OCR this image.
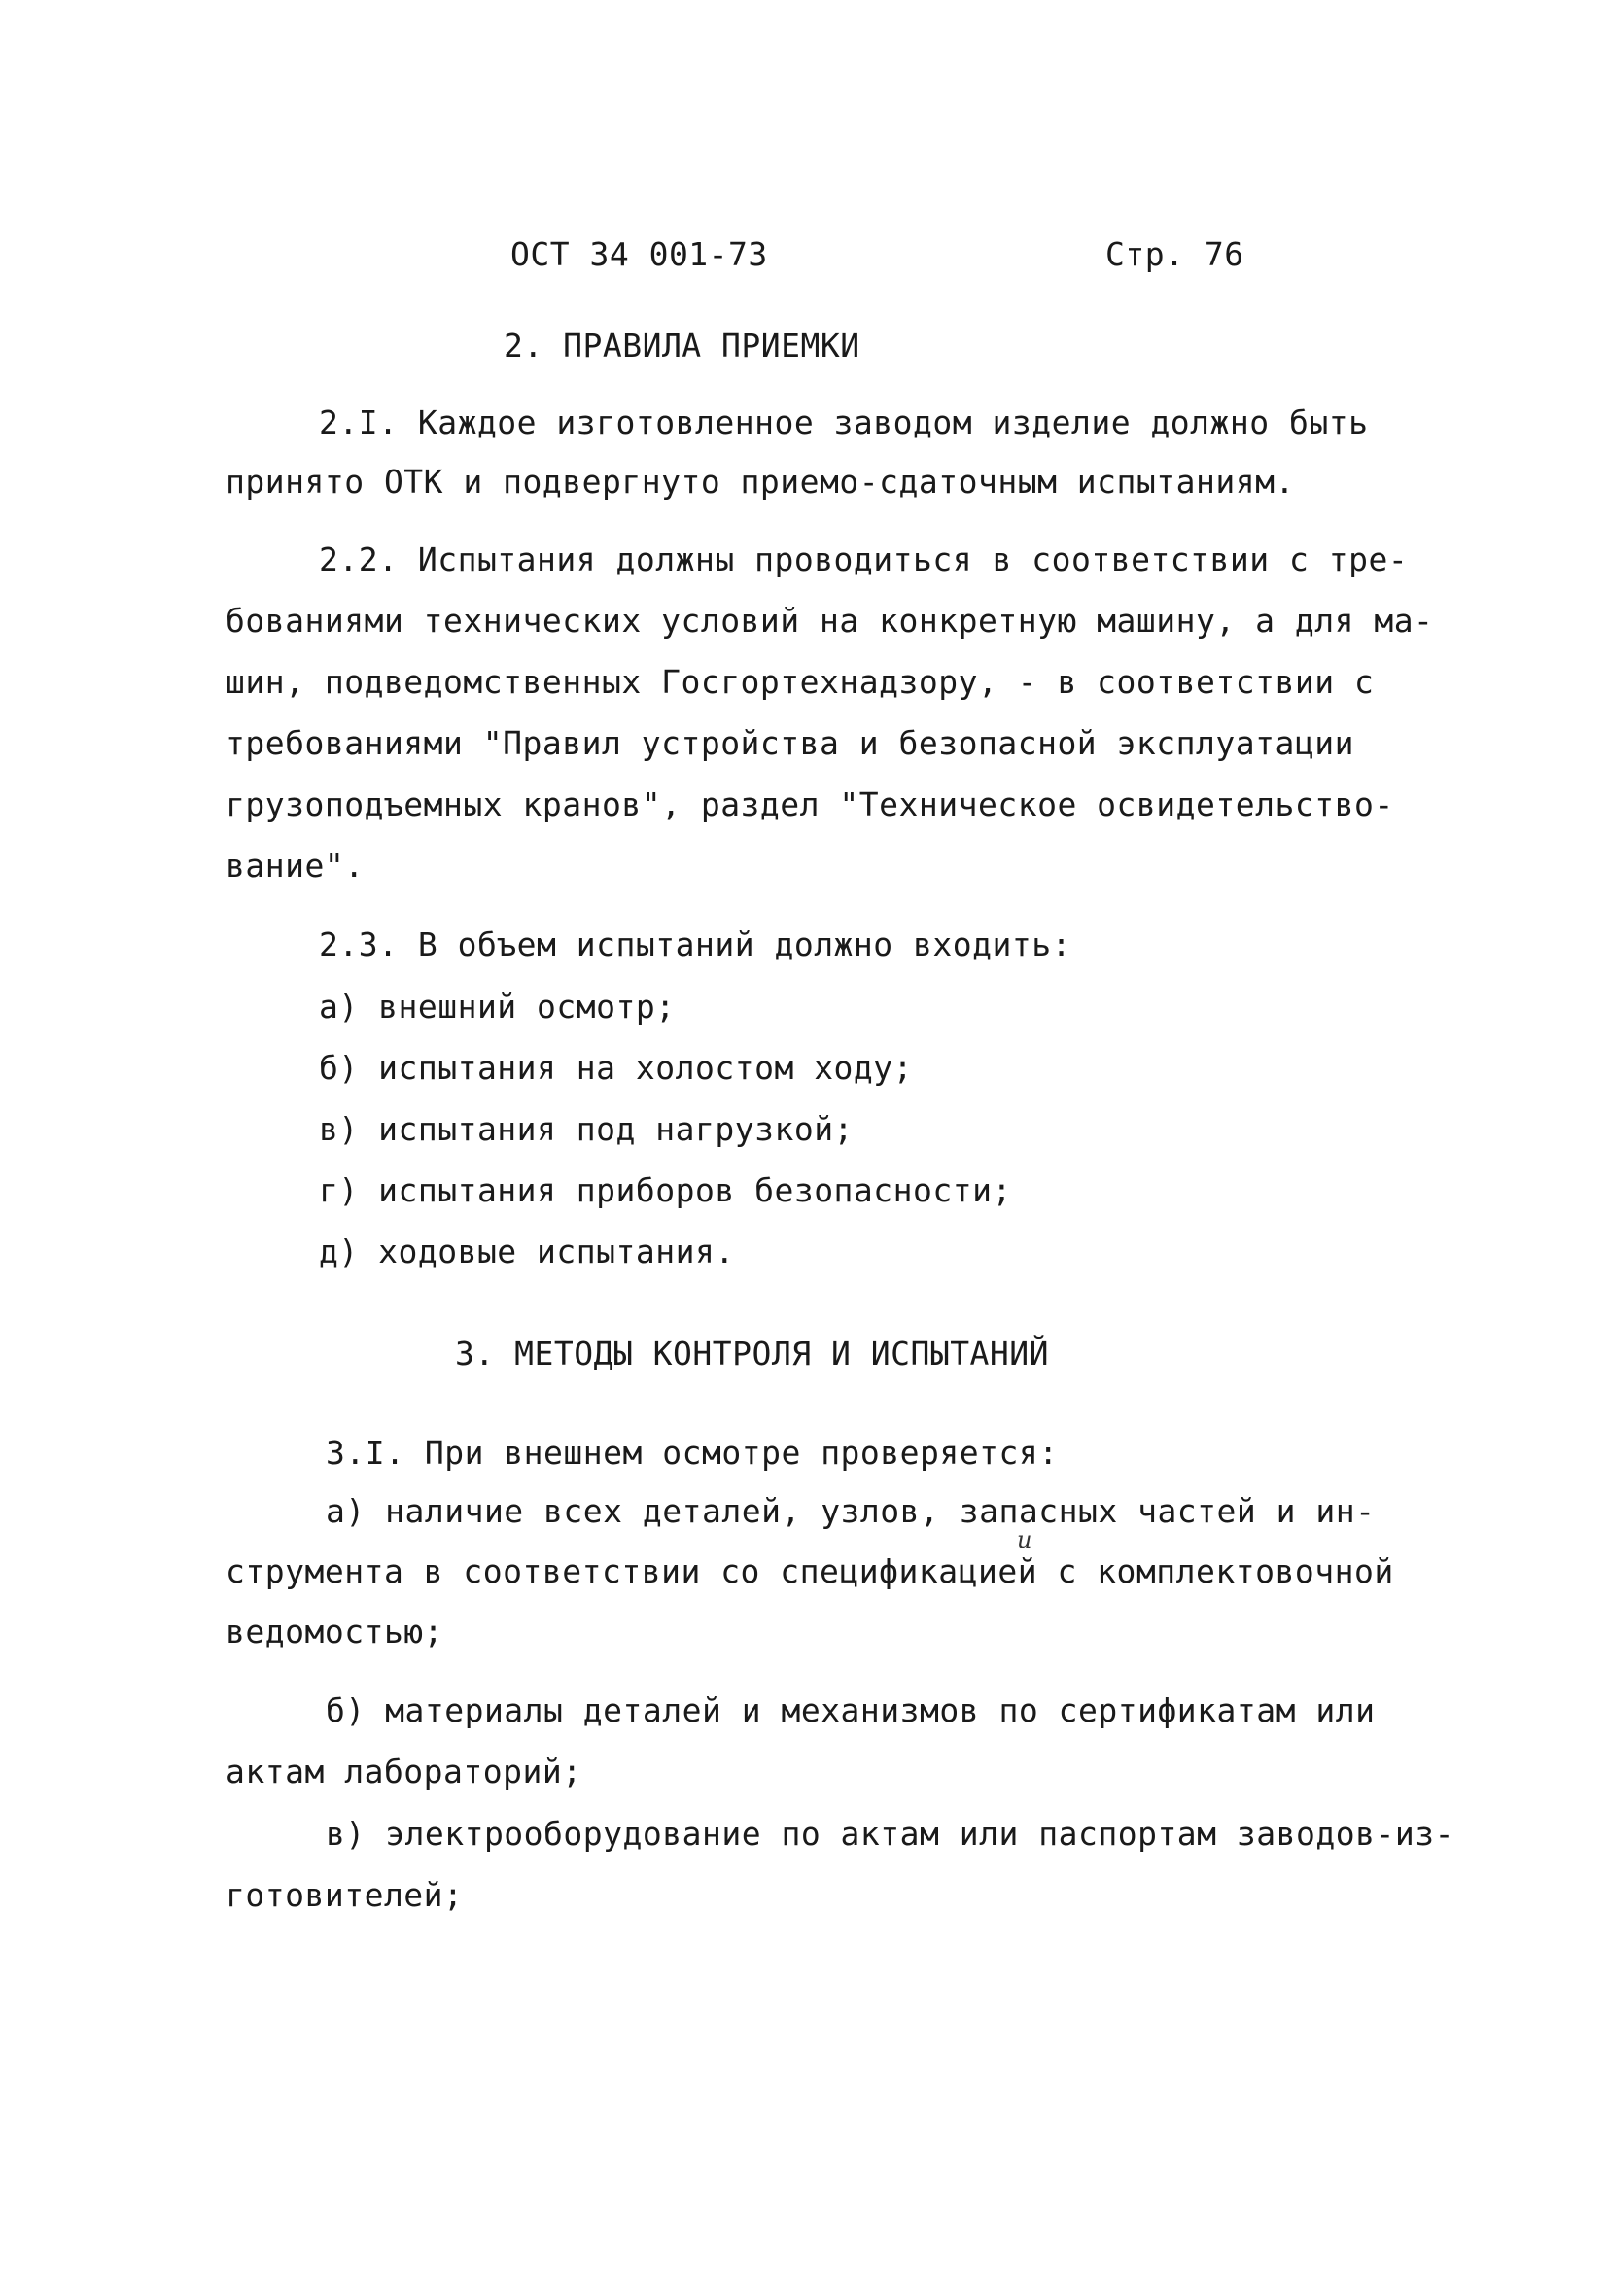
ОСТ 34 001-73	Стр. 76
2. ПРАВИЛА ПРИЕМКИ
2.I. Каждое изготовленное заводом изделие должно быть
принято ОТК и подвергнуто приемо-сдаточным испытаниям.
2.2. Испытания должны проводиться в соответствии с тре-
бованиями технических условий на конкретную машину, а для ма-
шин, подведомственных Госгортехнадзору, - в соответствии с
требованиями "Правил устройства и безопасной эксплуатации
грузоподъемных кранов", раздел "Техническое освидетельство-
вание".
2.3. В объем испытаний должно входить:
а) внешний осмотр;
б) испытания на холостом ходу;
в) испытания под нагрузкой;
г) испытания приборов безопасности;
д) ходовые испытания.
3. МЕТОДЫ КОНТРОЛЯ И ИСПЫТАНИЙ
3.I. При внешнем осмотре проверяется:
а) наличие всех деталей, узлов, запасных частей и ин-
и
струмента в соответствии со спецификацией с комплектовочной
ведомостью;
б) материалы деталей и механизмов по сертификатам или
актам лабораторий;
в) электрооборудование по актам или паспортам заводов-из-
готовителей;
